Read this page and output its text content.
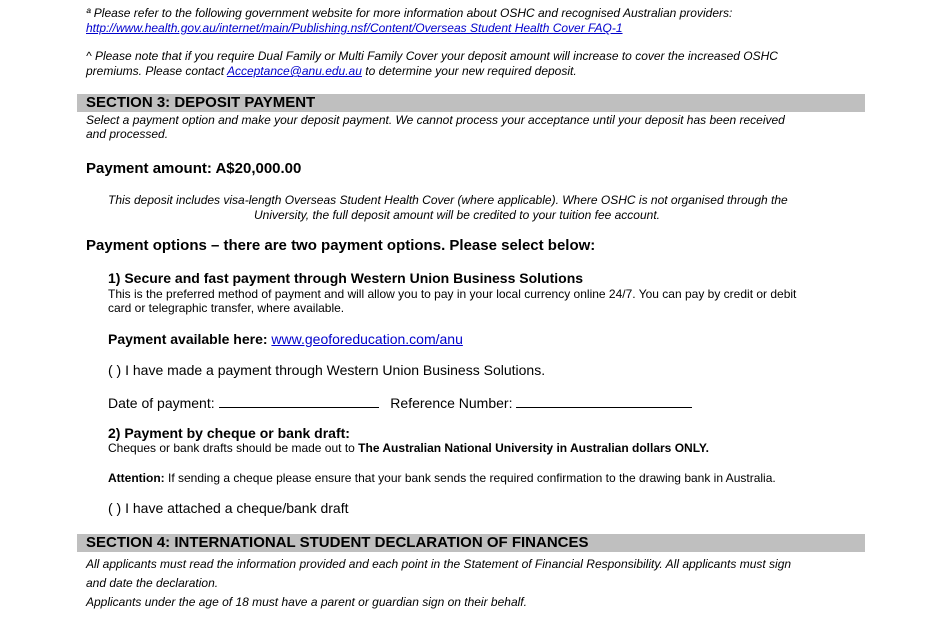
ª Please refer to the following government website for more information about OSHC and recognised Australian providers:
http://www.health.gov.au/internet/main/Publishing.nsf/Content/Overseas Student Health Cover FAQ-1
^ Please note that if you require Dual Family or Multi Family Cover your deposit amount will increase to cover the increased OSHC
premiums. Please contact Acceptance@anu.edu.au to determine your new required deposit.
SECTION 3: DEPOSIT PAYMENT
Select a payment option and make your deposit payment. We cannot process your acceptance until your deposit has been received
and processed.
Payment amount: A$20,000.00
This deposit includes visa-length Overseas Student Health Cover (where applicable). Where OSHC is not organised through the
University, the full deposit amount will be credited to your tuition fee account.
Payment options – there are two payment options. Please select below:
1) Secure and fast payment through Western Union Business Solutions
This is the preferred method of payment and will allow you to pay in your local currency online 24/7. You can pay by credit or debit
card or telegraphic transfer, where available.
Payment available here: www.geoforeducation.com/anu
( ) I have made a payment through Western Union Business Solutions.
Date of payment:	Reference Number:
2) Payment by cheque or bank draft:
Cheques or bank drafts should be made out to The Australian National University in Australian dollars ONLY.
Attention: If sending a cheque please ensure that your bank sends the required confirmation to the drawing bank in Australia.
( ) I have attached a cheque/bank draft
SECTION 4: INTERNATIONAL STUDENT DECLARATION OF FINANCES
All applicants must read the information provided and each point in the Statement of Financial Responsibility. All applicants must sign
and date the declaration.
Applicants under the age of 18 must have a parent or guardian sign on their behalf.
